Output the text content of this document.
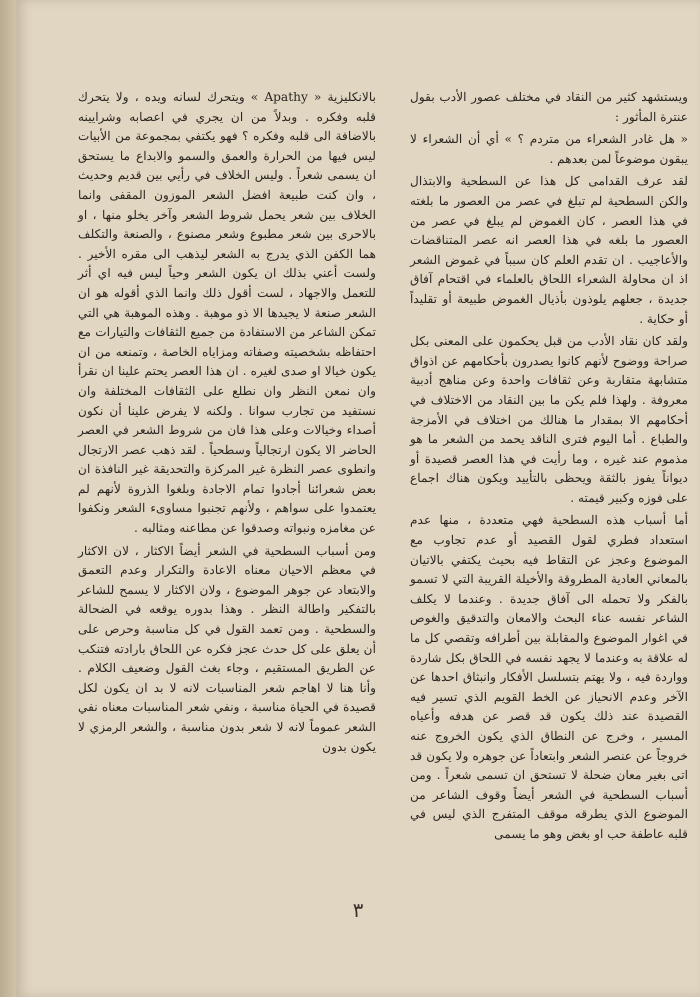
ويستشهد كثير من النقاد في مختلف عصور الأدب بقول عنترة المأثور :

« هل غادر الشعراء من متردم ؟ » أي أن الشعراء لا يبقون موضوعاً لمن بعدهم .

لقد عرف القدامى كل هذا عن السطحية والابتذال والكن السطحية لم تبلغ في عصر من العصور ما بلغته في هذا العصر ، كان الغموض لم يبلغ في عصر من العصور ما بلغه في هذا العصر انه عصر المتناقضات والأعاجيب . ان تقدم العلم كان سبباً في غموض الشعر اذ ان محاولة الشعراء اللحاق بالعلماء في اقتحام آفاق جديدة ، جعلهم يلوذون بأذيال الغموض طبيعة أو تقليداً أو حكاية .

ولقد كان نقاد الأدب من قبل يحكمون على المعنى بكل صراحة ووضوح لأنهم كانوا يصدرون بأحكامهم عن اذواق متشابهة متقاربة وعن ثقافات واحدة وعن مناهج أدبية معروفة . ولهذا فلم يكن ما بين النقاد من الاختلاف في أحكامهم الا بمقدار ما هنالك من اختلاف في الأمزجة والطباع . أما اليوم فترى الناقد يحمد من الشعر ما هو مذموم عند غيره ، وما رأيت في هذا العصر قصيدة أو ديواناً يفوز بالثقة ويحظى بالتأييد ويكون هناك اجماع على فوزه وكبير قيمته .

أما أسباب هذه السطحية فهي متعددة ، منها عدم استعداد فطري لقول القصيد أو عدم تجاوب مع الموضوع وعجز عن التقاط فيه بحيث يكتفي بالاتيان بالمعاني العادية المطروقة والأخيلة القريبة التي لا تسمو بالفكر ولا تحمله الى آفاق جديدة . وعندما لا يكلف الشاعر نفسه عناء البحث والامعان والتدقيق والغوص في اغوار الموضوع والمقابلة بين أطرافه وتقصي كل ما له علاقة به وعندما لا يجهد نفسه في اللحاق بكل شاردة وواردة فيه ، ولا يهتم بتسلسل الأفكار وانبثاق احدها عن الآخر وعدم الانحياز عن الخط القويم الذي تسير فيه القصيدة عند ذلك يكون قد قصر عن هدفه وأعياه المسير ، وخرج عن النطاق الذي يكون الخروج عنه خروجاً عن عنصر الشعر وابتعاداً عن جوهره ولا يكون قد اتى بغير معان ضحلة لا تستحق ان تسمى شعراً . ومن أسباب السطحية في الشعر أيضاً وقوف الشاعر من الموضوع الذي يطرقه موقف المتفرج الذي ليس في قلبه عاطفة حب او بغض وهو ما يسمى

بالانكليزية « Apathy » ويتحرك لسانه ويده ، ولا يتحرك قلبه وفكره . وبدلاً من ان يجري في اعصابه وشرايينه بالاضافة الى قلبه وفكره ؟ فهو يكتفي بمجموعة من الأبيات ليس فيها من الحرارة والعمق والسمو والابداع ما يستحق ان يسمى شعراً . وليس الخلاف في رأيي بين قديم وحديث ، وان كنت طبيعة افضل الشعر الموزون المقفى وانما الخلاف بين شعر يحمل شروط الشعر وآخر يخلو منها ، او بالاحرى بين شعر مطبوع وشعر مصنوع ، والصنعة والتكلف هما الكفن الذي يدرج به الشعر ليذهب الى مقره الأخير . ولست أعني بذلك ان يكون الشعر وحياً ليس فيه اي أثر للتعمل والاجهاد ، لست أقول ذلك وانما الذي أقوله هو ان الشعر صنعة لا يجيدها الا ذو موهبة . وهذه الموهبة هي التي تمكن الشاعر من الاستفادة من جميع الثقافات والتيارات مع احتفاظه بشخصيته وصفاته ومزاياه الخاصة ، وتمنعه من ان يكون خيالا او صدى لغيره . ان هذا العصر يحتم علينا ان نقرأ وان نمعن النظر وان نطلع على الثقافات المختلفة وان نستفيد من تجارب سوانا . ولكنه لا يفرض علينا أن نكون أصداء وخيالات وعلى هذا فان من شروط الشعر في العصر الحاضر الا يكون ارتجالياً وسطحياً . لقد ذهب عصر الارتجال وانطوى عصر النظرة غير المركزة والتحديقة غير النافذة ان بعض شعرائنا أجادوا تمام الاجادة وبلغوا الذروة لأنهم لم يعتمدوا على سواهم ، ولأنهم تجنبوا مساوىء الشعر ونكفوا عن مغامزه ونبواته وصدقوا عن مطاعنه ومثالبه .

ومن أسباب السطحية في الشعر أيضاً الاكثار ، لان الاكثار في معظم الاحيان معناه الاعادة والتكرار وعدم التعمق والابتعاد عن جوهر الموضوع ، ولان الاكثار لا يسمح للشاعر بالتفكير واطالة النظر . وهذا بدوره يوقعه في الضحالة والسطحية . ومن تعمد القول في كل مناسبة وحرص على أن يعلق على كل حدث عجز فكره عن اللحاق بارادته فتنكب عن الطريق المستقيم ، وجاء بغث القول وضعيف الكلام . وأنا هنا لا اهاجم شعر المناسبات لانه لا بد ان يكون لكل قصيدة في الحياة مناسبة ، ونفي شعر المناسبات معناه نفي الشعر عموماً لانه لا شعر بدون مناسبة ، والشعر الرمزي لا يكون بدون

٣
